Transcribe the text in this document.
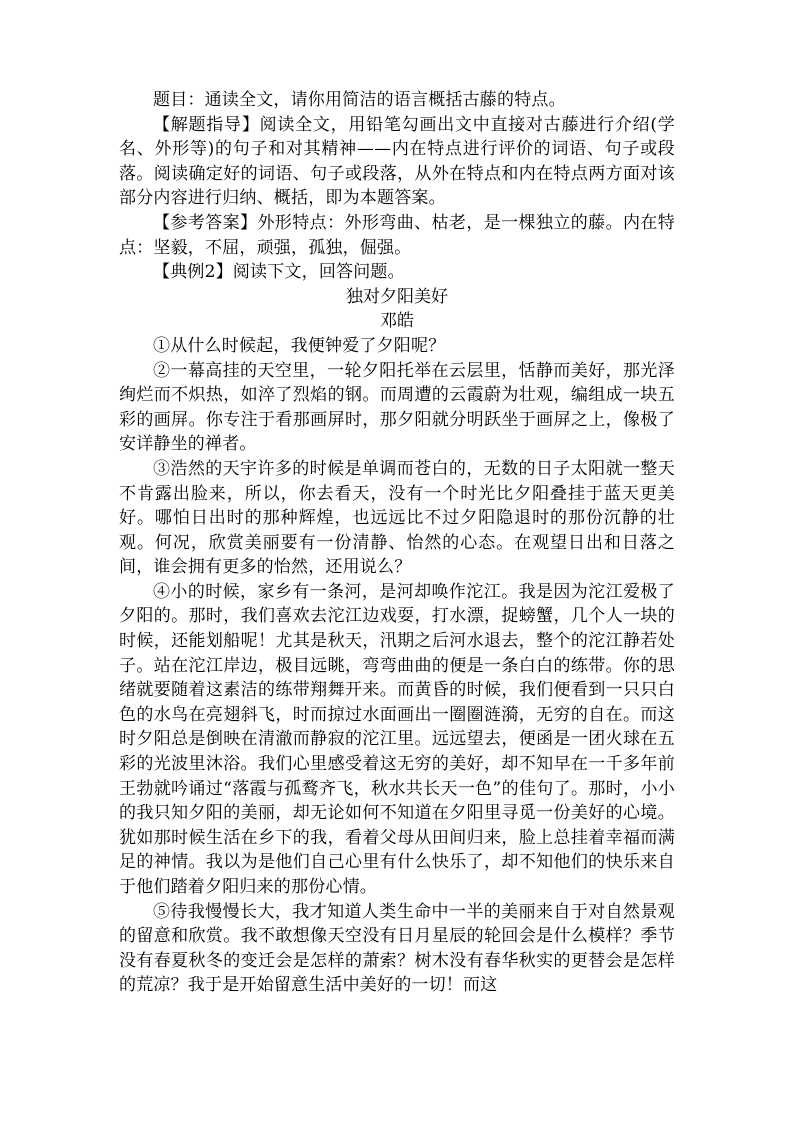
题目：通读全文，请你用简洁的语言概括古藤的特点。

【解题指导】阅读全文，用铅笔勾画出文中直接对古藤进行介绍(学名、外形等)的句子和对其精神——内在特点进行评价的词语、句子或段落。阅读确定好的词语、句子或段落，从外在特点和内在特点两方面对该部分内容进行归纳、概括，即为本题答案。

【参考答案】外形特点：外形弯曲、枯老，是一棵独立的藤。内在特点：坚毅，不屈，顽强，孤独，倔强。

【典例2】阅读下文，回答问题。

独对夕阳美好

邓皓

①从什么时候起，我便钟爱了夕阳呢？

②一幕高挂的天空里，一轮夕阳托举在云层里，恬静而美好，那光泽绚烂而不炽热，如淬了烈焰的钢。而周遭的云霞蔚为壮观，编组成一块五彩的画屏。你专注于看那画屏时，那夕阳就分明跃坐于画屏之上，像极了安详静坐的禅者。

③浩然的天宇许多的时候是单调而苍白的，无数的日子太阳就一整天不肯露出脸来，所以，你去看天，没有一个时光比夕阳叠挂于蓝天更美好。哪怕日出时的那种辉煌，也远远比不过夕阳隐退时的那份沉静的壮观。何况，欣赏美丽要有一份清静、怡然的心态。在观望日出和日落之间，谁会拥有更多的怡然，还用说么？

④小的时候，家乡有一条河，是河却唤作沱江。我是因为沱江爱极了夕阳的。那时，我们喜欢去沱江边戏耍，打水漂，捉螃蟹，几个人一块的时候，还能划船呢！尤其是秋天，汛期之后河水退去，整个的沱江静若处子。站在沱江岸边，极目远眺，弯弯曲曲的便是一条白白的练带。你的思绪就要随着这素洁的练带翔舞开来。而黄昏的时候，我们便看到一只只白色的水鸟在亮翅斜飞，时而掠过水面画出一圈圈涟漪，无穷的自在。而这时夕阳总是倒映在清澈而静寂的沱江里。远远望去，便函是一团火球在五彩的光波里沐浴。我们心里感受着这无穷的美好，却不知早在一千多年前王勃就吟诵过“落霞与孤鹜齐飞，秋水共长天一色”的佳句了。那时，小小的我只知夕阳的美丽，却无论如何不知道在夕阳里寻觅一份美好的心境。犹如那时候生活在乡下的我，看着父母从田间归来，脸上总挂着幸福而满足的神情。我以为是他们自己心里有什么快乐了，却不知他们的快乐来自于他们踏着夕阳归来的那份心情。

⑤待我慢慢长大，我才知道人类生命中一半的美丽来自于对自然景观的留意和欣赏。我不敢想像天空没有日月星辰的轮回会是什么模样？季节没有春夏秋冬的变迁会是怎样的萧索？树木没有春华秋实的更替会是怎样的荒凉？我于是开始留意生活中美好的一切！而这
